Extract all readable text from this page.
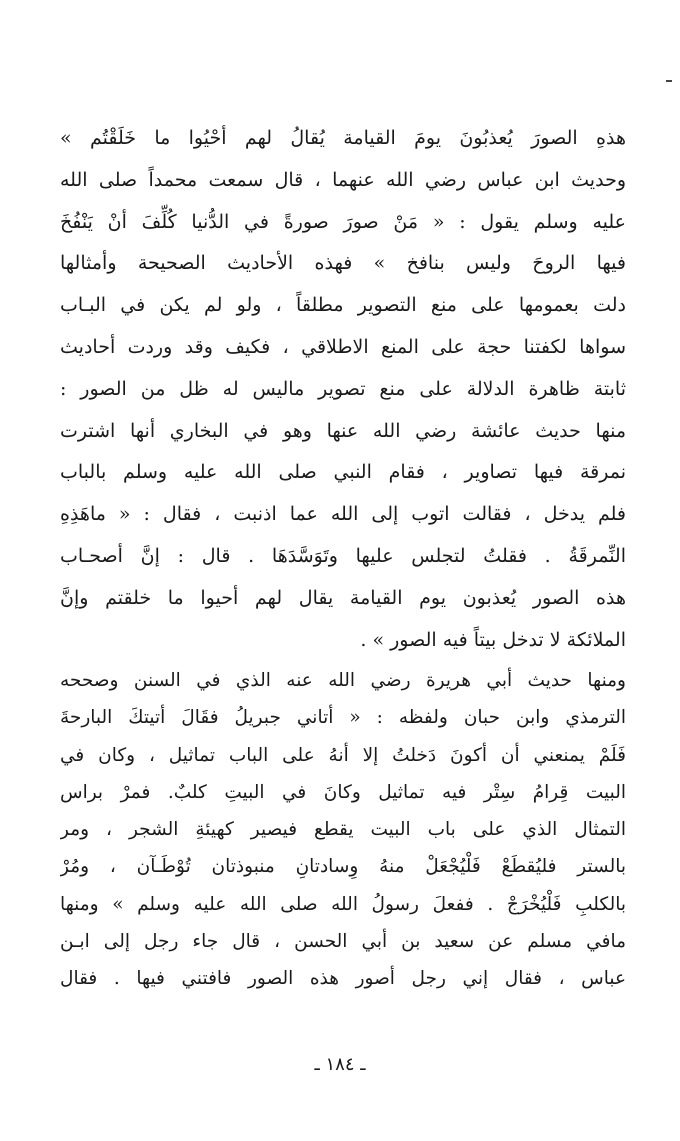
هذهِ الصورَ يُعذبُونَ يومَ القيامة يُقالُ لهم أحْيُوا ما خَلَقْتُم »
وحديث ابن عباس رضي الله عنهما ، قال سمعت محمداً صلى الله
عليه وسلم يقول : « مَنْ صورَ صورةً في الدُّنيا كُلِّفَ أنْ يَنْفُخَ
فيها الروحَ وليس بنافخ » فهذه الأحاديث الصحيحة وأمثالها
دلت بعمومها على منع التصوير مطلقاً ، ولو لم يكن في البـاب
سواها لكفتنا حجة على المنع الاطلاقي ، فكيف وقد وردت أحاديث
ثابتة ظاهرة الدلالة على منع تصوير ماليس له ظل من الصور :
منها حديث عائشة رضي الله عنها وهو في البخاري أنها اشترت
نمرقة فيها تصاوير ، فقام النبي صلى الله عليه وسلم بالباب
فلم يدخل ، فقالت اتوب إلى الله عما اذنبت ، فقال : « ماهَذِهِ
النِّمرقَةُ . فقلتُ لتجلس عليها وتَوَسَّدَهَا . قال : إنَّ أصحـاب
هذه الصور يُعذبون يوم القيامة يقال لهم أحيوا ما خلقتم وإنَّ
الملائكة لا تدخل بيتاً فيه الصور » .
ومنها حديث أبي هريرة رضي الله عنه الذي في السنن وصححه
الترمذي وابن حبان ولفظه : « أتاني جبريلُ فقَالَ أتيتكَ البارحةَ
فَلَمْ يمنعني أن أكونَ دَخلتُ إلا أنهُ على الباب تماثيل ، وكان في
البيت قِرامُ سِتْر فيه تماثيل وكانَ في البيتِ كلبٌ. فمرْ براس
التمثال الذي على باب البيت يقطع فيصير كهيئةِ الشجر ، ومر
بالستر فليُقطَعْ فَلْيُجْعَلْ منهُ وِسادتانِ منبوذتان تُوْطَـآن ، ومُرْ
بالكلبِ فَلْيُخْرَجْ . ففعلَ رسولُ الله صلى الله عليه وسلم » ومنها
مافي مسلم عن سعيد بن أبي الحسن ، قال جاء رجل إلى ابـن
عباس ، فقال إني رجل أصور هذه الصور فافتني فيها . فقال
ـ ١٨٤ ـ
